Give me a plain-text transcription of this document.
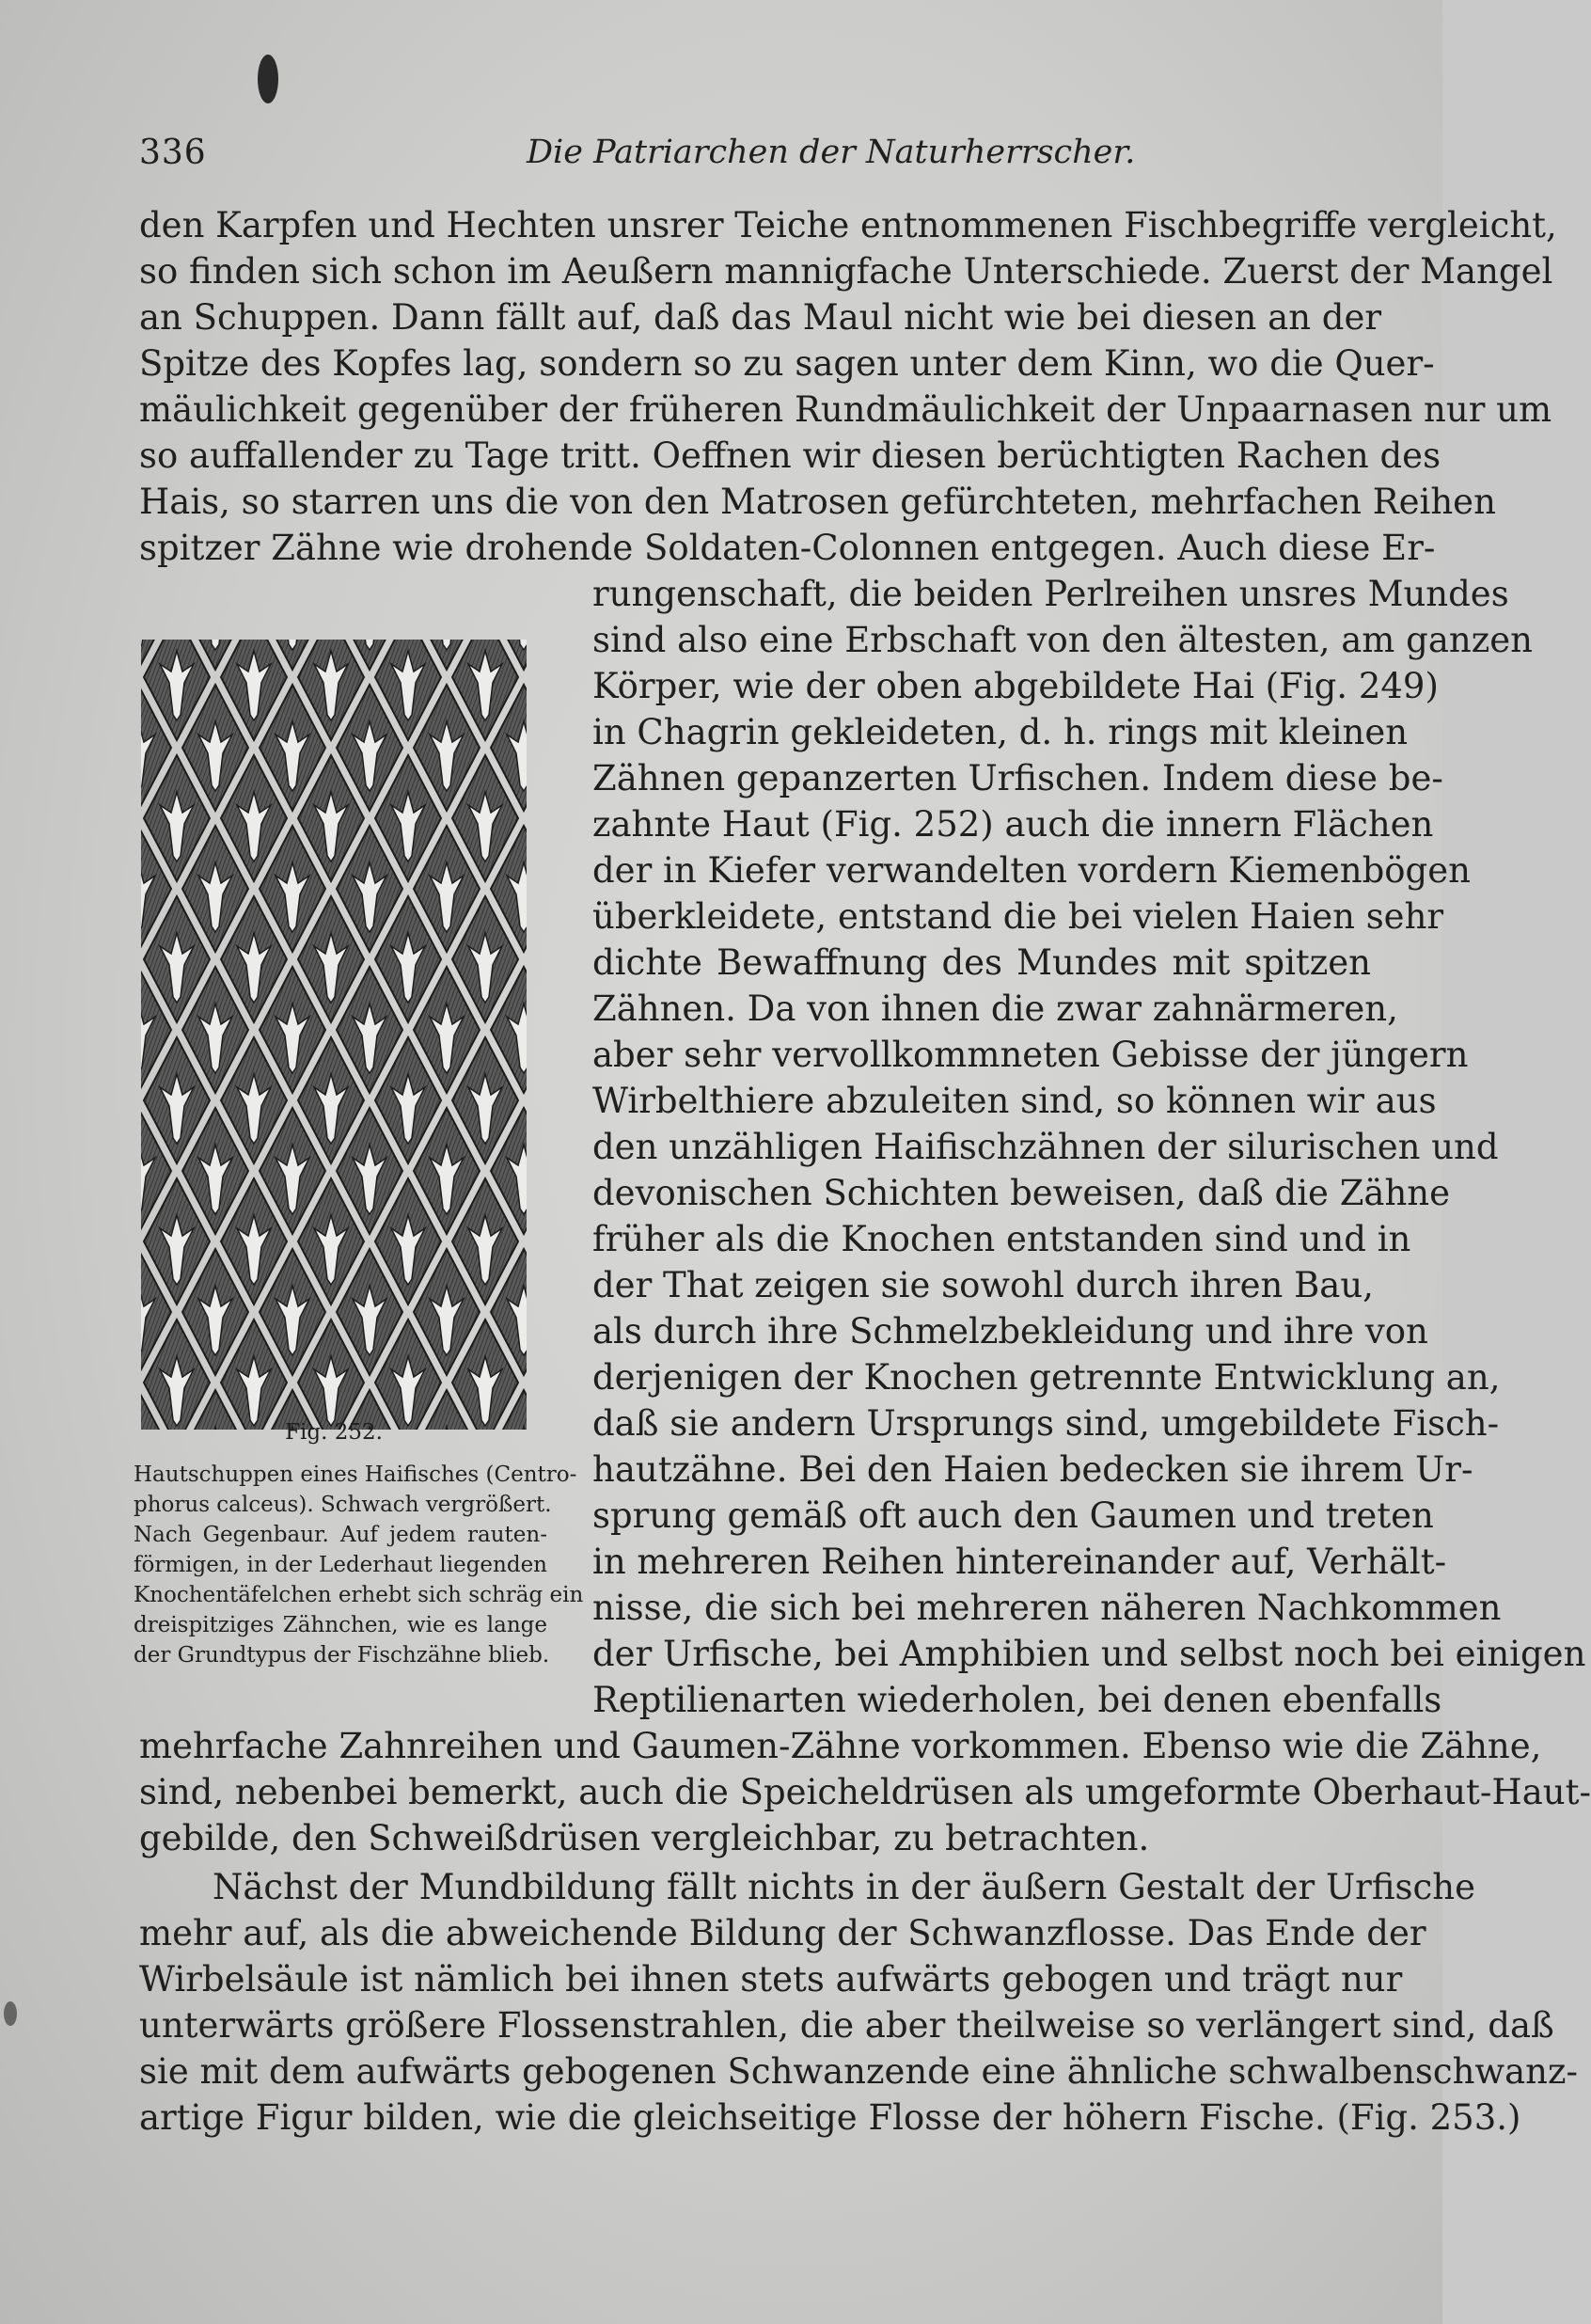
336	Die Patriarchen der Naturherrscher.
den Karpfen und Hechten unsrer Teiche entnommenen Fischbegriffe vergleicht,
so finden sich schon im Aeußern mannigfache Unterschiede. Zuerst der Mangel
an Schuppen. Dann fällt auf, daß das Maul nicht wie bei diesen an der
Spitze des Kopfes lag, sondern so zu sagen unter dem Kinn, wo die Quer-
mäulichkeit gegenüber der früheren Rundmäulichkeit der Unpaarnasen nur um
so auffallender zu Tage tritt. Oeffnen wir diesen berüchtigten Rachen des
Hais, so starren uns die von den Matrosen gefürchteten, mehrfachen Reihen
spitzer Zähne wie drohende Soldaten-Colonnen entgegen. Auch diese Er-
rungenschaft, die beiden Perlreihen unsres Mundes
sind also eine Erbschaft von den ältesten, am ganzen
Körper, wie der oben abgebildete Hai (Fig. 249)
in Chagrin gekleideten, d. h. rings mit kleinen
Zähnen gepanzerten Urfischen. Indem diese be-
zahnte Haut (Fig. 252) auch die innern Flächen
der in Kiefer verwandelten vordern Kiemenbögen
überkleidete, entstand die bei vielen Haien sehr
dichte Bewaffnung des Mundes mit spitzen
Zähnen. Da von ihnen die zwar zahnärmeren,
aber sehr vervollkommneten Gebisse der jüngern
Wirbelthiere abzuleiten sind, so können wir aus
den unzähligen Haifischzähnen der silurischen und
devonischen Schichten beweisen, daß die Zähne
früher als die Knochen entstanden sind und in
der That zeigen sie sowohl durch ihren Bau,
als durch ihre Schmelzbekleidung und ihre von
derjenigen der Knochen getrennte Entwicklung an,
daß sie andern Ursprungs sind, umgebildete Fisch-
hautzähne. Bei den Haien bedecken sie ihrem Ur-
sprung gemäß oft auch den Gaumen und treten
in mehreren Reihen hintereinander auf, Verhält-
nisse, die sich bei mehreren näheren Nachkommen
der Urfische, bei Amphibien und selbst noch bei einigen
Reptilienarten wiederholen, bei denen ebenfalls
mehrfache Zahnreihen und Gaumen-Zähne vorkommen. Ebenso wie die Zähne,
sind, nebenbei bemerkt, auch die Speicheldrüsen als umgeformte Oberhaut-Haut-
gebilde, den Schweißdrüsen vergleichbar, zu betrachten.
Nächst der Mundbildung fällt nichts in der äußern Gestalt der Urfische
mehr auf, als die abweichende Bildung der Schwanzflosse. Das Ende der
Wirbelsäule ist nämlich bei ihnen stets aufwärts gebogen und trägt nur
unterwärts größere Flossenstrahlen, die aber theilweise so verlängert sind, daß
sie mit dem aufwärts gebogenen Schwanzende eine ähnliche schwalbenschwanz-
artige Figur bilden, wie die gleichseitige Flosse der höhern Fische. (Fig. 253.)
Fig. 252.
Hautschuppen eines Haifisches (Centro-
phorus calceus). Schwach vergrößert.
Nach Gegenbaur. Auf jedem rauten-
förmigen, in der Lederhaut liegenden
Knochentäfelchen erhebt sich schräg ein
dreispitziges Zähnchen, wie es lange
der Grundtypus der Fischzähne blieb.
